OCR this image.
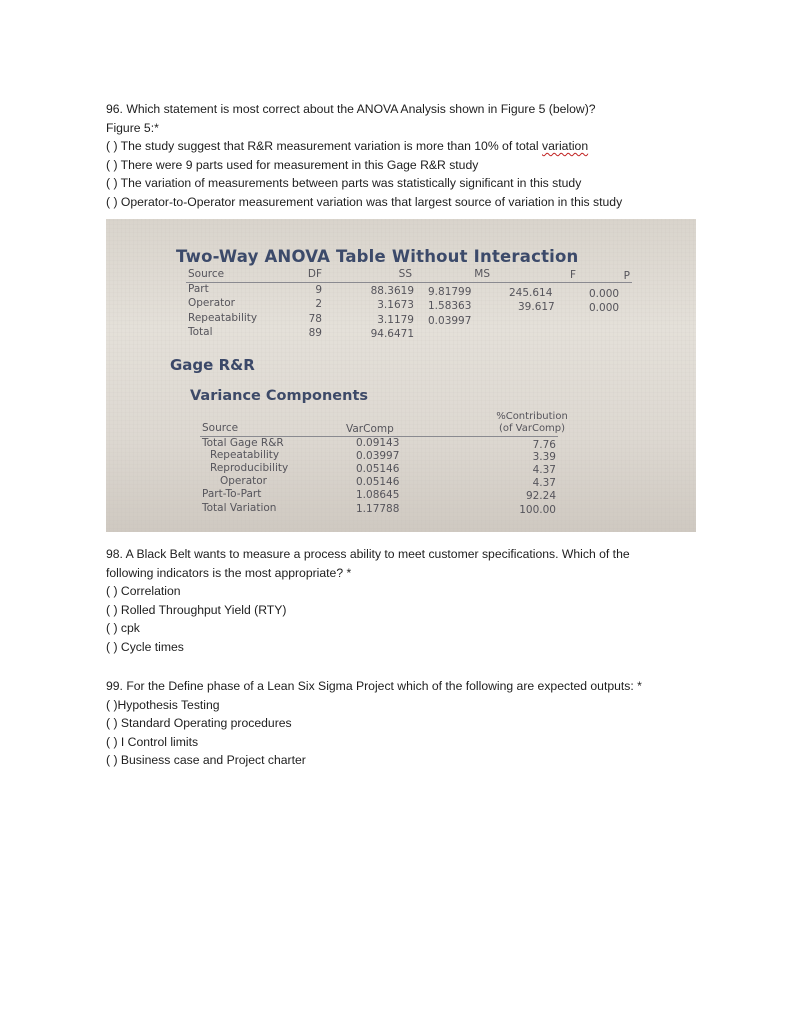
96. Which statement is most correct about the ANOVA Analysis shown in Figure 5 (below)?
Figure 5:*
( ) The study suggest that R&R measurement variation is more than 10% of total variation
( ) There were 9 parts used for measurement in this Gage R&R study
( ) The variation of measurements between parts was statistically significant in this study
( ) Operator-to-Operator measurement variation was that largest source of variation in this study
Two-Way ANOVA Table Without Interaction
Source	DF	SS	MS	F	P
Part	9	88.3619 9.81799	245.614	0.000
Operator	2	3.1673 1.58363	39.617	0.000
Repeatability	78	3.1179 0.03997
Total	89	94.6471
Gage R&R
Variance Components
%Contribution
Source	VarComp	(of VarComp)
Total Gage R&R	0.09143	7.76
Repeatability	0.03997	3.39
Reproducibility	0.05146	4.37
Operator	0.05146	4.37
Part-To-Part	1.08645	92.24
Total Variation	1.17788	100.00
98. A Black Belt wants to measure a process ability to meet customer specifications. Which of the
following indicators is the most appropriate? *
( ) Correlation
( ) Rolled Throughput Yield (RTY)
( ) cpk
( ) Cycle times
99. For the Define phase of a Lean Six Sigma Project which of the following are expected outputs: *
( )Hypothesis Testing
( ) Standard Operating procedures
( ) I Control limits
( ) Business case and Project charter
